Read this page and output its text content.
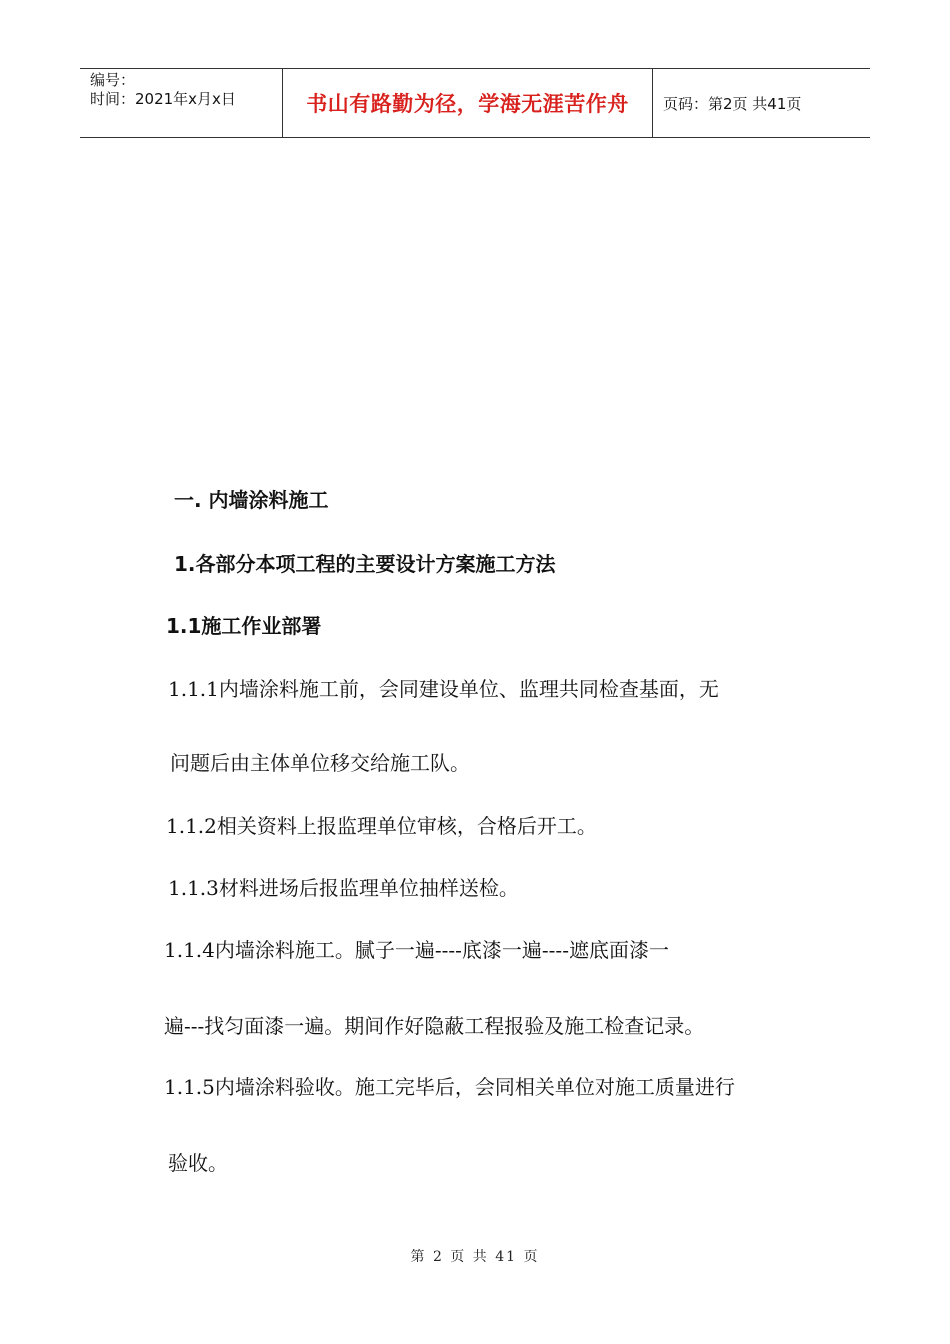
编号：
时间：2021年x月x日	书山有路勤为径，学海无涯苦作舟	页码：第2页 共41页
一. 内墙涂料施工
1.各部分本项工程的主要设计方案施工方法
1.1施工作业部署
1.1.1内墙涂料施工前，会同建设单位、监理共同检查基面，无
问题后由主体单位移交给施工队。
1.1.2相关资料上报监理单位审核，合格后开工。
1.1.3材料进场后报监理单位抽样送检。
1.1.4内墙涂料施工。腻子一遍----底漆一遍----遮底面漆一
遍---找匀面漆一遍。期间作好隐蔽工程报验及施工检查记录。
1.1.5内墙涂料验收。施工完毕后，会同相关单位对施工质量进行
验收。
第 2 页 共 41 页
